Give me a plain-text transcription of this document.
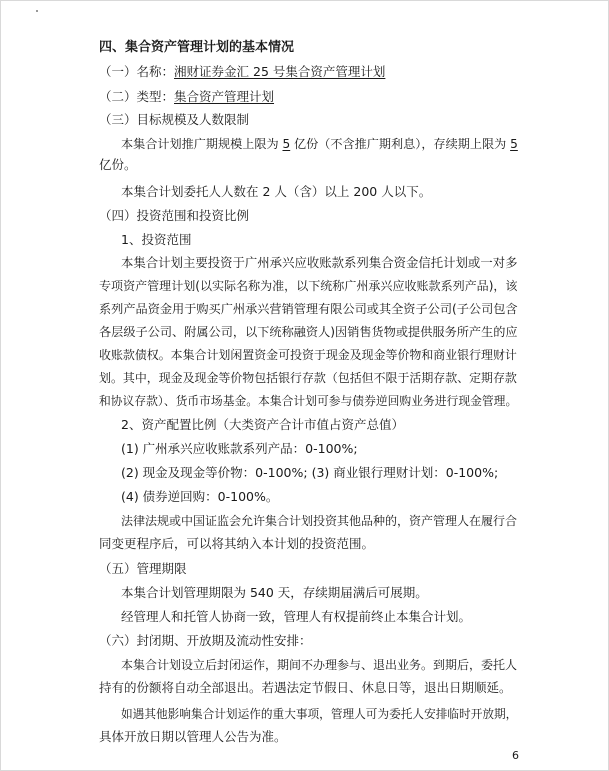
四、集合资产管理计划的基本情况
（一）名称：湘财证券金汇 25 号集合资产管理计划
（二）类型：集合资产管理计划
（三）目标规模及人数限制
本集合计划推广期规模上限为 5 亿份（不含推广期利息），存续期上限为 5
亿份。
本集合计划委托人人数在 2 人（含）以上 200 人以下。
（四）投资范围和投资比例
1、投资范围
本集合计划主要投资于广州承兴应收账款系列集合资金信托计划或一对多
专项资产管理计划(以实际名称为准，以下统称广州承兴应收账款系列产品)，该
系列产品资金用于购买广州承兴营销管理有限公司或其全资子公司(子公司包含
各层级子公司、附属公司，以下统称融资人)因销售货物或提供服务所产生的应
收账款债权。本集合计划闲置资金可投资于现金及现金等价物和商业银行理财计
划。其中，现金及现金等价物包括银行存款（包括但不限于活期存款、定期存款
和协议存款）、货币市场基金。本集合计划可参与债券逆回购业务进行现金管理。
2、资产配置比例（大类资产合计市值占资产总值）
(1) 广州承兴应收账款系列产品：0-100%;
(2) 现金及现金等价物：0-100%; (3) 商业银行理财计划：0-100%;
(4) 债券逆回购：0-100%。
法律法规或中国证监会允许集合计划投资其他品种的，资产管理人在履行合
同变更程序后，可以将其纳入本计划的投资范围。
（五）管理期限
本集合计划管理期限为 540 天，存续期届满后可展期。
经管理人和托管人协商一致，管理人有权提前终止本集合计划。
（六）封闭期、开放期及流动性安排：
本集合计划设立后封闭运作，期间不办理参与、退出业务。到期后，委托人
持有的份额将自动全部退出。若遇法定节假日、休息日等，退出日期顺延。
如遇其他影响集合计划运作的重大事项，管理人可为委托人安排临时开放期，
具体开放日期以管理人公告为准。
6
